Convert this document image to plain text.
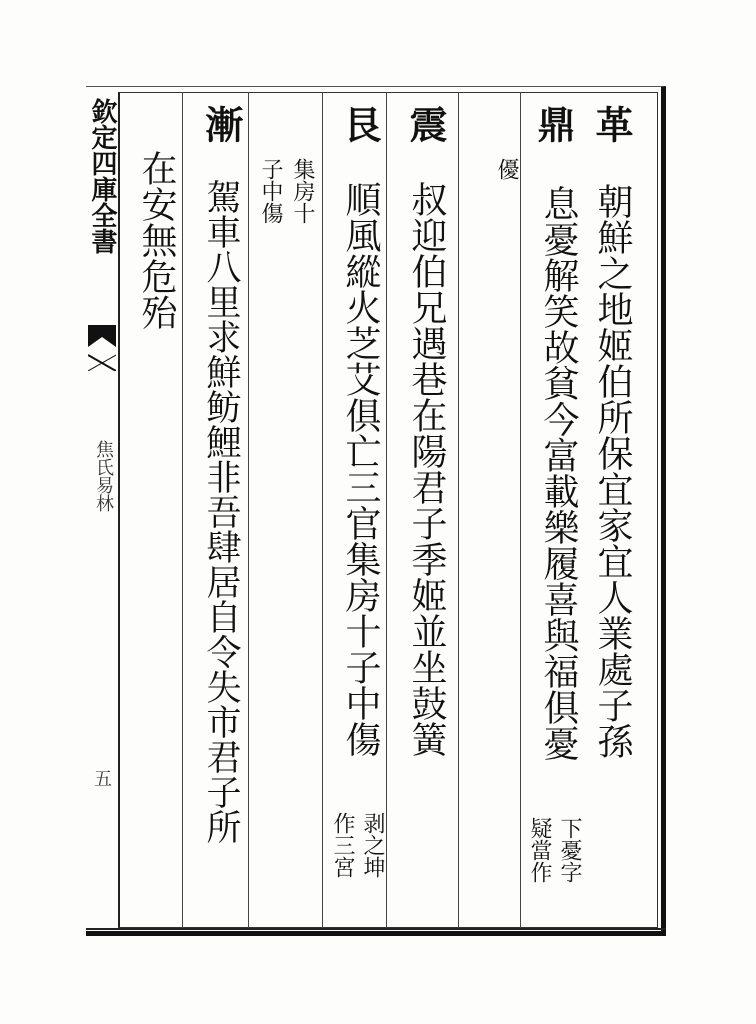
欽定四庫全書
焦氏易林
五
革
朝鮮之地姬伯所保宜家宜人業處子孫
鼎
優
息憂解笑故貧今富載樂履喜與福俱憂
下憂字
疑當作
震
叔迎伯兄遇巷在陽君子季姬並坐鼓簧
艮
順風縱火芝艾俱亡三官集房十子中傷
剥之坤
作三宮
集房十
子中傷
漸
駕車八里求鮮鲂鯉非吾肆居自令失市君子所
在安無危殆
